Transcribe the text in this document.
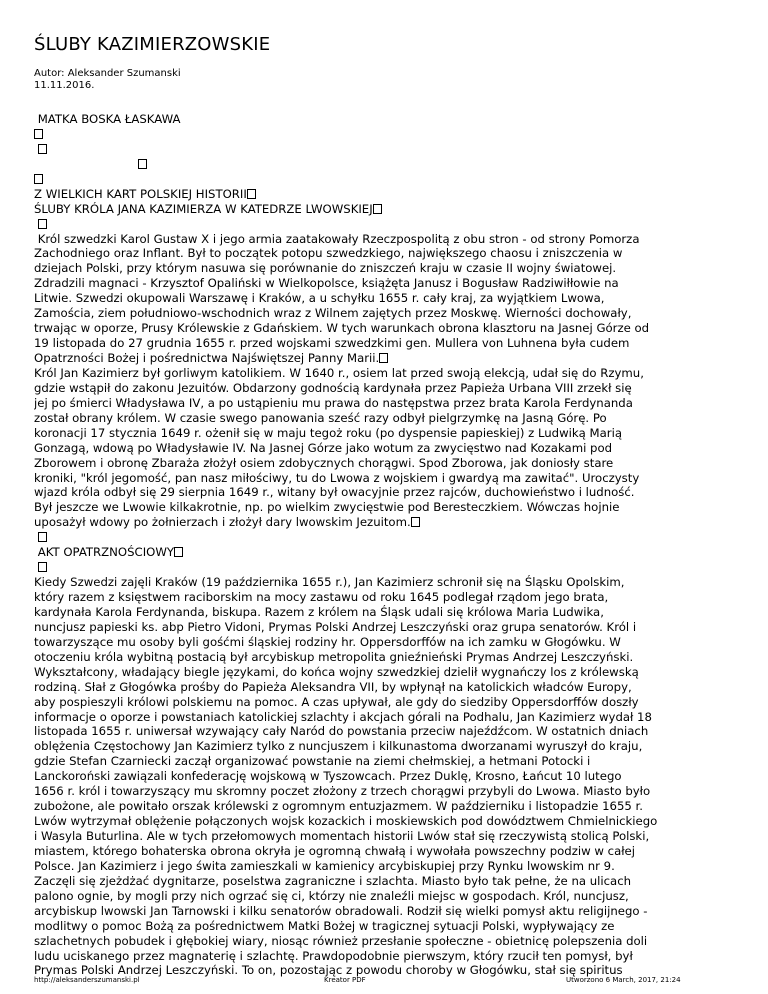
ŚLUBY KAZIMIERZOWSKIE
Autor: Aleksander Szumanski
11.11.2016.
MATKA BOSKA ŁASKAWA

Z WIELKICH KART POLSKIEJ HISTORII
ŚLUBY KRÓLA JANA KAZIMIERZA W KATEDRZE LWOWSKIEJ

Król szwedzki Karol Gustaw X i jego armia zaatakowały Rzeczpospolitą z obu stron - od strony Pomorza
Zachodniego oraz Inflant. Był to początek potopu szwedzkiego, największego chaosu i zniszczenia w
dziejach Polski, przy którym nasuwa się porównanie do zniszczeń kraju w czasie II wojny światowej.
Zdradzili magnaci - Krzysztof Opaliński w Wielkopolsce, książęta Janusz i Bogusław Radziwiłłowie na
Litwie. Szwedzi okupowali Warszawę i Kraków, a u schyłku 1655 r. cały kraj, za wyjątkiem Lwowa,
Zamościa, ziem południowo-wschodnich wraz z Wilnem zajętych przez Moskwę. Wierności dochowały,
trwając w oporze, Prusy Królewskie z Gdańskiem. W tych warunkach obrona klasztoru na Jasnej Górze od
19 listopada do 27 grudnia 1655 r. przed wojskami szwedzkimi gen. Mullera von Luhnena była cudem
Opatrzności Bożej i pośrednictwa Najświętszej Panny Marii.
Król Jan Kazimierz był gorliwym katolikiem. W 1640 r., osiem lat przed swoją elekcją, udał się do Rzymu,
gdzie wstąpił do zakonu Jezuitów. Obdarzony godnością kardynała przez Papieża Urbana VIII zrzekł się
jej po śmierci Władysława IV, a po ustąpieniu mu prawa do następstwa przez brata Karola Ferdynanda
został obrany królem. W czasie swego panowania sześć razy odbył pielgrzymkę na Jasną Górę. Po
koronacji 17 stycznia 1649 r. ożenił się w maju tegoż roku (po dyspensie papieskiej) z Ludwiką Marią
Gonzagą, wdową po Władysławie IV. Na Jasnej Górze jako wotum za zwycięstwo nad Kozakami pod
Zborowem i obronę Zbaraża złożył osiem zdobycznych chorągwi. Spod Zborowa, jak doniosły stare
kroniki, "król jegomość, pan nasz miłościwy, tu do Lwowa z wojskiem i gwardyą ma zawitać". Uroczysty
wjazd króla odbył się 29 sierpnia 1649 r., witany był owacyjnie przez rajców, duchowieństwo i ludność.
Był jeszcze we Lwowie kilkakrotnie, np. po wielkim zwycięstwie pod Beresteczkiem. Wówczas hojnie
uposażył wdowy po żołnierzach i złożył dary lwowskim Jezuitom.

AKT OPATRZNOŚCIOWY

Kiedy Szwedzi zajęli Kraków (19 października 1655 r.), Jan Kazimierz schronił się na Śląsku Opolskim,
który razem z księstwem raciborskim na mocy zastawu od roku 1645 podlegał rządom jego brata,
kardynała Karola Ferdynanda, biskupa. Razem z królem na Śląsk udali się królowa Maria Ludwika,
nuncjusz papieski ks. abp Pietro Vidoni, Prymas Polski Andrzej Leszczyński oraz grupa senatorów. Król i
towarzyszące mu osoby byli gośćmi śląskiej rodziny hr. Oppersdorffów na ich zamku w Głogówku. W
otoczeniu króla wybitną postacią był arcybiskup metropolita gnieźnieński Prymas Andrzej Leszczyński.
Wykształcony, władający biegle językami, do końca wojny szwedzkiej dzielił wygnańczy los z królewską
rodziną. Słał z Głogówka prośby do Papieża Aleksandra VII, by wpłynął na katolickich władców Europy,
aby pospieszyli królowi polskiemu na pomoc. A czas upływał, ale gdy do siedziby Oppersdorffów doszły
informacje o oporze i powstaniach katolickiej szlachty i akcjach górali na Podhalu, Jan Kazimierz wydał 18
listopada 1655 r. uniwersał wzywający cały Naród do powstania przeciw najeźdźcom. W ostatnich dniach
oblężenia Częstochowy Jan Kazimierz tylko z nuncjuszem i kilkunastoma dworzanami wyruszył do kraju,
gdzie Stefan Czarniecki zaczął organizować powstanie na ziemi chełmskiej, a hetmani Potocki i
Lanckoroński zawiązali konfederację wojskową w Tyszowcach. Przez Duklę, Krosno, Łańcut 10 lutego
1656 r. król i towarzyszący mu skromny poczet złożony z trzech chorągwi przybyli do Lwowa. Miasto było
zubożone, ale powitało orszak królewski z ogromnym entuzjazmem. W październiku i listopadzie 1655 r.
Lwów wytrzymał oblężenie połączonych wojsk kozackich i moskiewskich pod dowództwem Chmielnickiego
i Wasyla Buturlina. Ale w tych przełomowych momentach historii Lwów stał się rzeczywistą stolicą Polski,
miastem, którego bohaterska obrona okryła je ogromną chwałą i wywołała powszechny podziw w całej
Polsce. Jan Kazimierz i jego świta zamieszkali w kamienicy arcybiskupiej przy Rynku lwowskim nr 9.
Zaczęli się zjeżdżać dygnitarze, poselstwa zagraniczne i szlachta. Miasto było tak pełne, że na ulicach
palono ognie, by mogli przy nich ogrzać się ci, którzy nie znaleźli miejsc w gospodach. Król, nuncjusz,
arcybiskup lwowski Jan Tarnowski i kilku senatorów obradowali. Rodził się wielki pomysł aktu religijnego -
modlitwy o pomoc Bożą za pośrednictwem Matki Bożej w tragicznej sytuacji Polski, wypływający ze
szlachetnych pobudek i głębokiej wiary, niosąc również przesłanie społeczne - obietnicę polepszenia doli
ludu uciskanego przez magnaterię i szlachtę. Prawdopodobnie pierwszym, który rzucił ten pomysł, był
Prymas Polski Andrzej Leszczyński. To on, pozostając z powodu choroby w Głogówku, stał się spiritus
http://aleksanderszumanski.pl	Kreator PDF	Utworzono 6 March, 2017, 21:24
